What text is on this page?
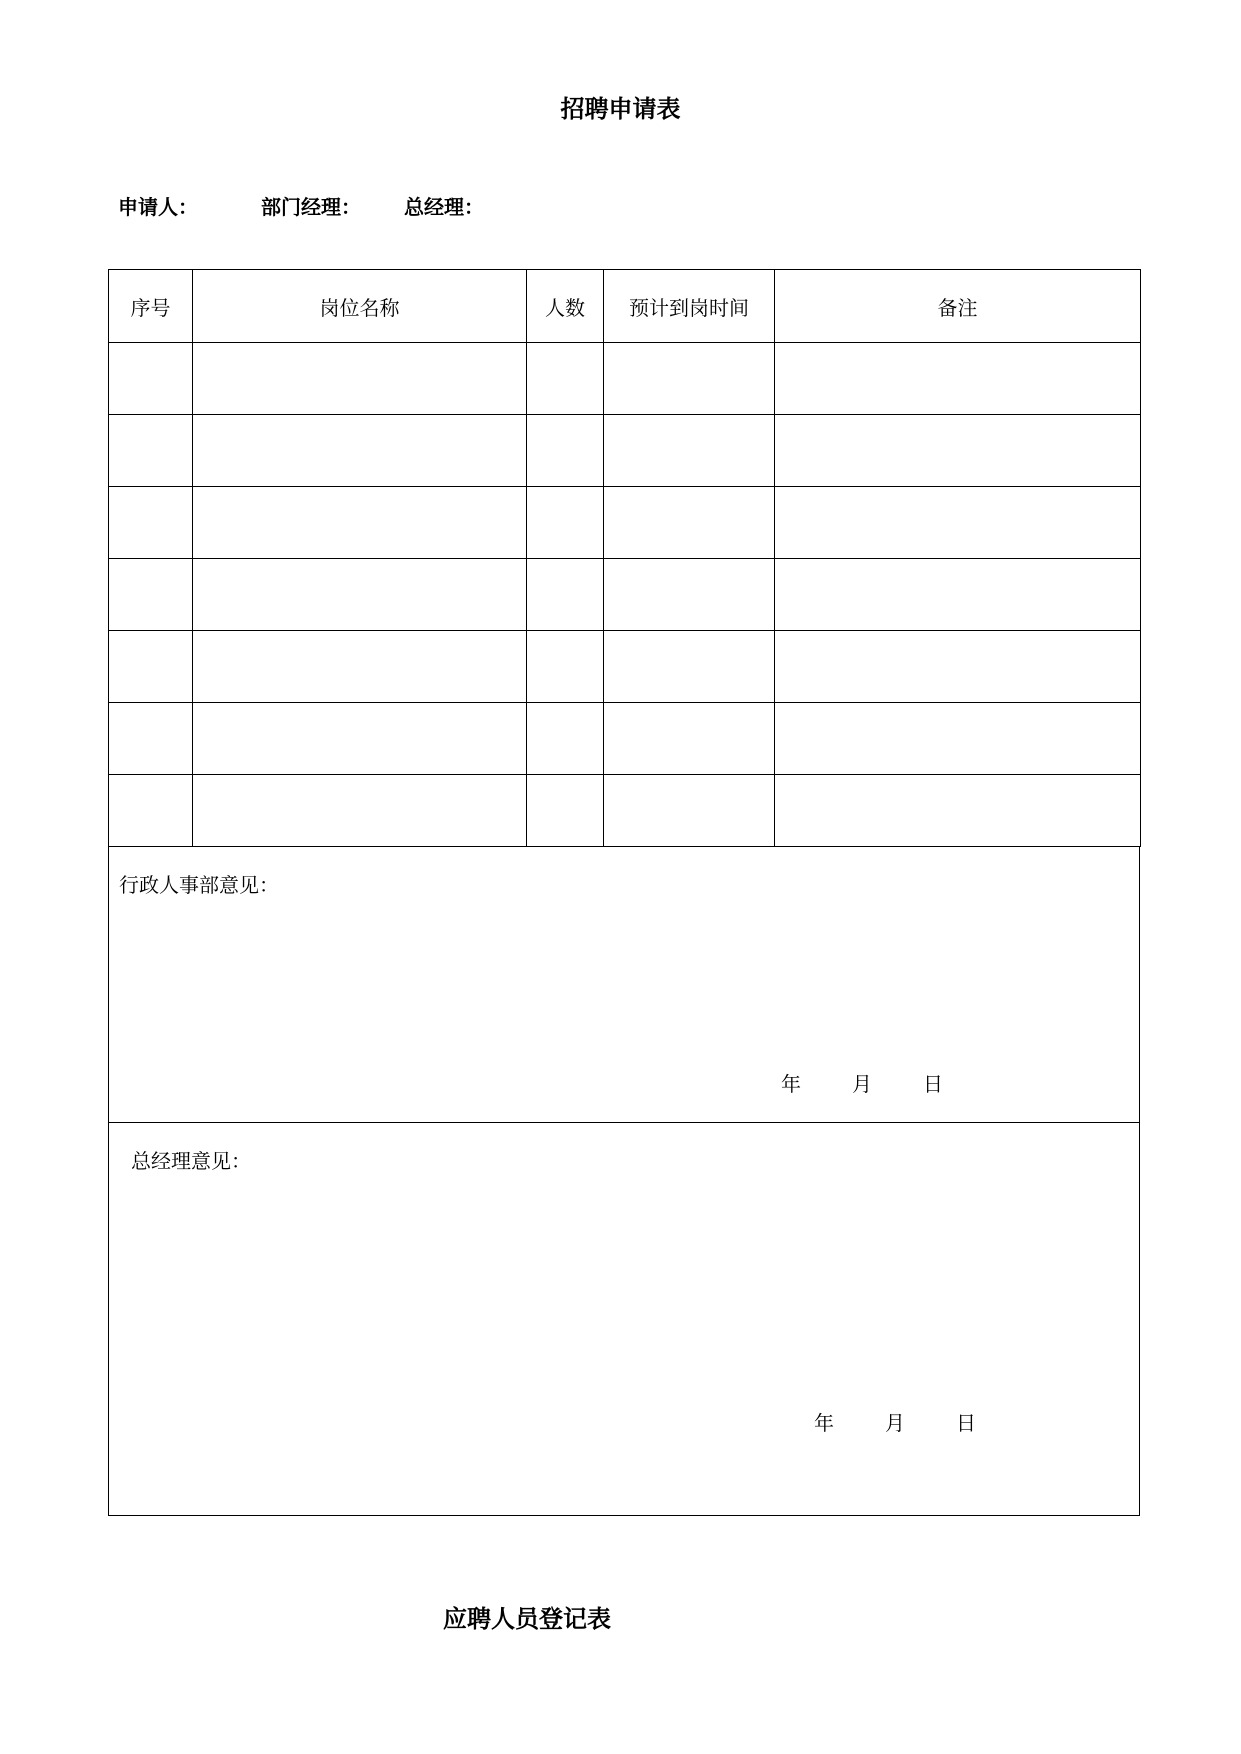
招聘申请表
申请人：	部门经理： 总经理：
序号	岗位名称	人数	预计到岗时间	备注

行政人事部意见：
年	月	日
总经理意见：
年	月	日
应聘人员登记表
